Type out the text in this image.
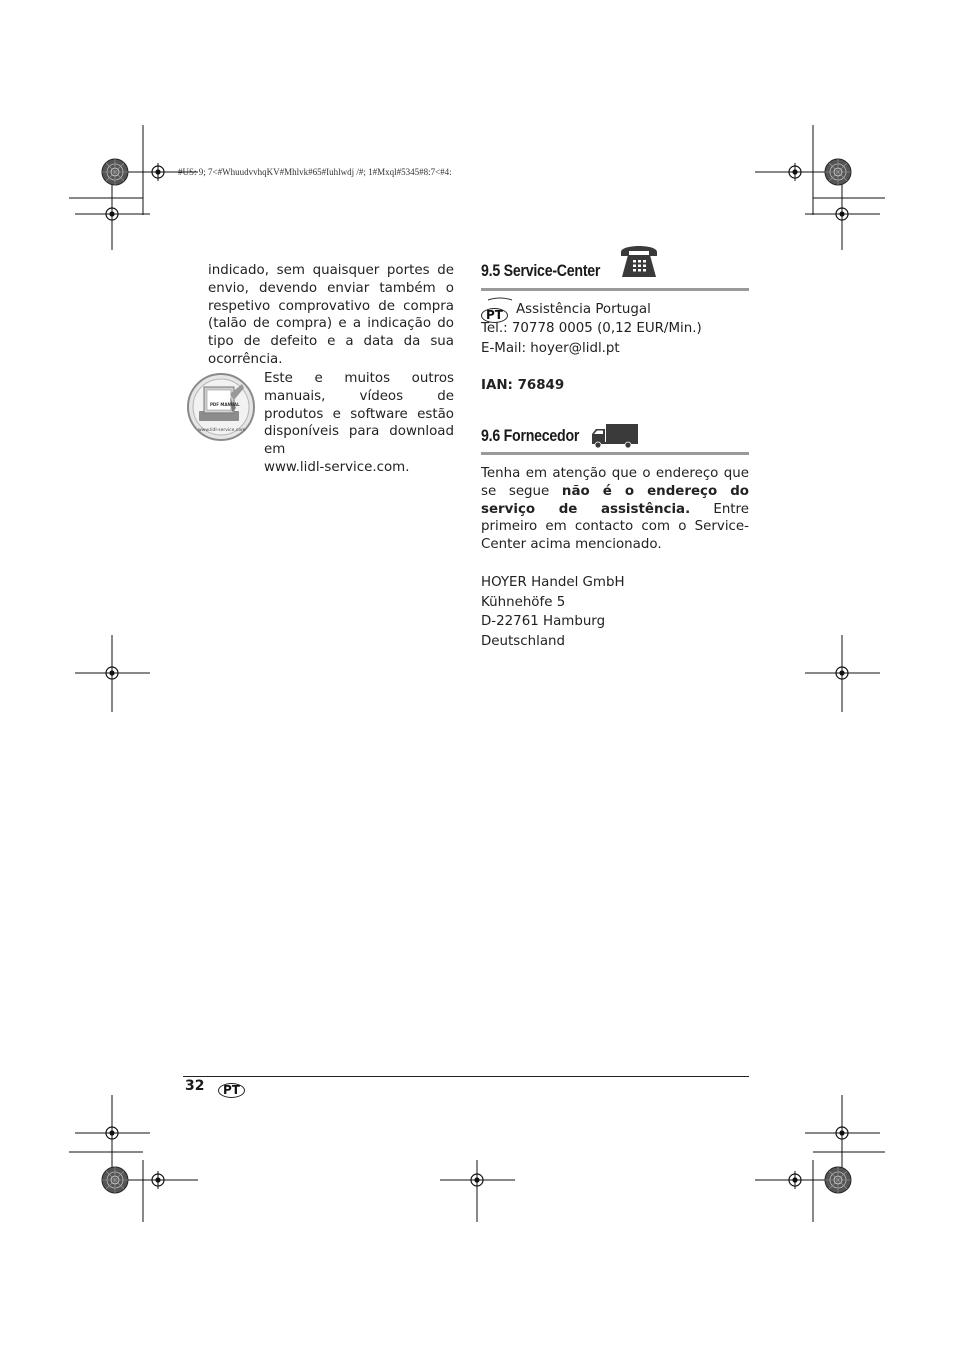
#US: 9; 7<#WhuudvvhqKV#Mhlvk#65#Iuhlwdj /#; 1#Mxql#5345#8:7<#4:

indicado, sem quaisquer portes de envio, devendo enviar também o respetivo comprovativo de compra (talão de compra) e a indicação do tipo de defeito e a data da sua ocorrência.

PDF MANUAL
www.lidl-service.com

Este e muitos outros manuais, vídeos de produtos e software estão disponíveis para download em

www.lidl-service.com.
9.5 Service-Center
PT Assistência Portugal
Tel.: 70778 0005 (0,12 EUR/Min.)
E-Mail: hoyer@lidl.pt
IAN: 76849
9.6 Fornecedor

Tenha em atenção que o endereço que se segue não é o endereço do serviço de assistência. Entre primeiro em contacto com o Service-Center acima mencionado.

HOYER Handel GmbH
Kühnehöfe 5
D-22761 Hamburg
Deutschland
32	PT
